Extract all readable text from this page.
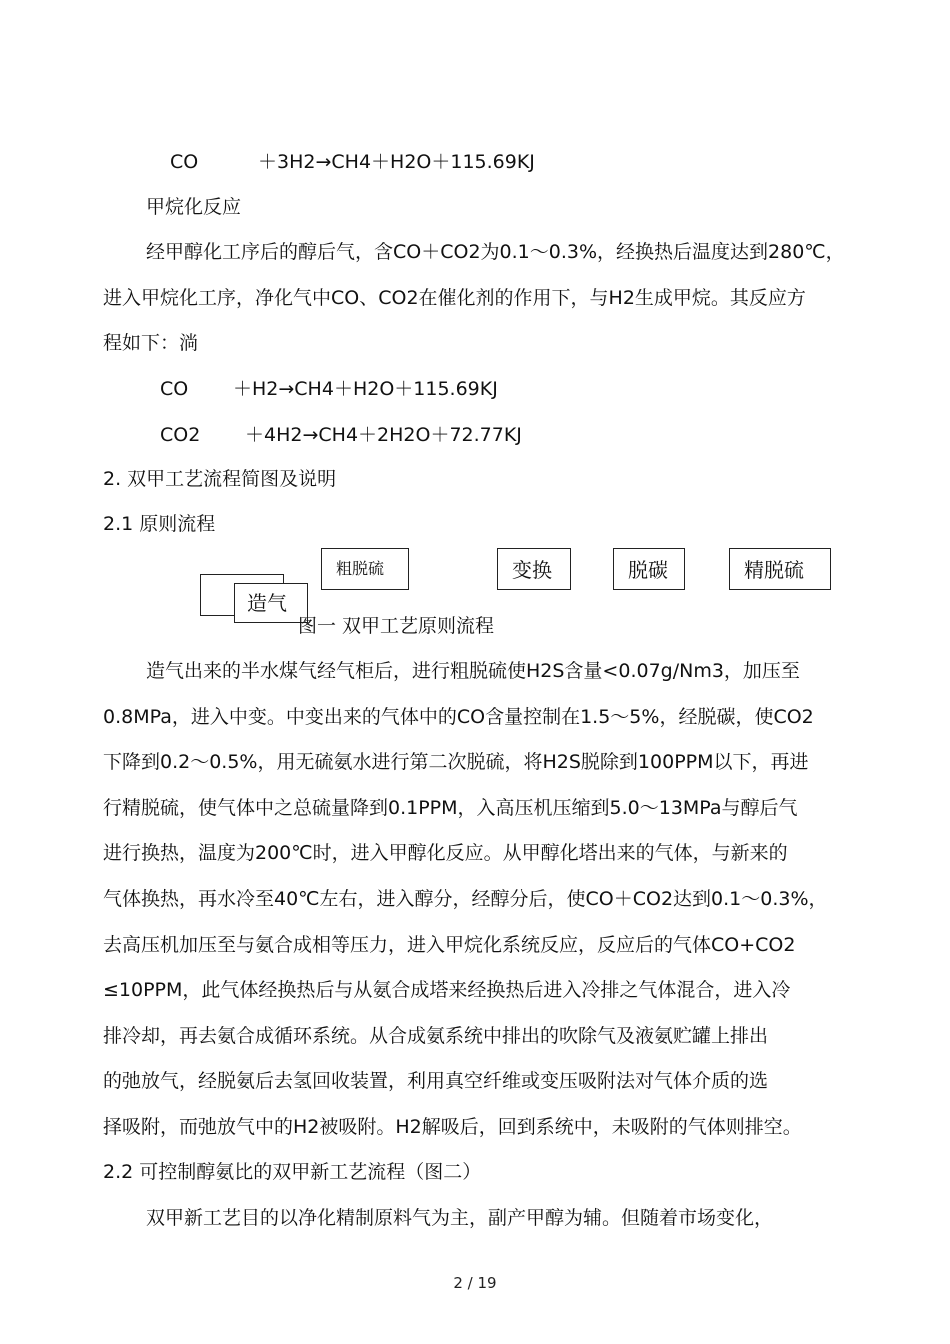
CO	＋3H2→CH4＋H2O＋115.69KJ
甲烷化反应
经甲醇化工序后的醇后气，含CO＋CO2为0.1～0.3%，经换热后温度达到280℃，
进入甲烷化工序，净化气中CO、CO2在催化剂的作用下，与H2生成甲烷。其反应方
程如下：淌
CO ＋H2→CH4＋H2O＋115.69KJ
CO2 ＋4H2→CH4＋2H2O＋72.77KJ
2. 双甲工艺流程简图及说明
2.1 原则流程
造气
粗脱硫	变换	脱碳	精脱硫
图一 双甲工艺原则流程
造气出来的半水煤气经气柜后，进行粗脱硫使H2S含量<0.07g/Nm3，加压至
0.8MPa，进入中变。中变出来的气体中的CO含量控制在1.5～5%，经脱碳，使CO2
下降到0.2～0.5%，用无硫氨水进行第二次脱硫，将H2S脱除到100PPM以下，再进
行精脱硫，使气体中之总硫量降到0.1PPM，入高压机压缩到5.0～13MPa与醇后气
进行换热，温度为200℃时，进入甲醇化反应。从甲醇化塔出来的气体，与新来的
气体换热，再水冷至40℃左右，进入醇分，经醇分后，使CO＋CO2达到0.1～0.3%，
去高压机加压至与氨合成相等压力，进入甲烷化系统反应，反应后的气体CO+CO2
≤10PPM，此气体经换热后与从氨合成塔来经换热后进入冷排之气体混合，进入冷
排冷却，再去氨合成循环系统。从合成氨系统中排出的吹除气及液氨贮罐上排出
的弛放气，经脱氨后去氢回收装置，利用真空纤维或变压吸附法对气体介质的选
择吸附，而弛放气中的H2被吸附。H2解吸后，回到系统中，未吸附的气体则排空。
2.2 可控制醇氨比的双甲新工艺流程（图二）
双甲新工艺目的以净化精制原料气为主，副产甲醇为辅。但随着市场变化，
2 / 19
